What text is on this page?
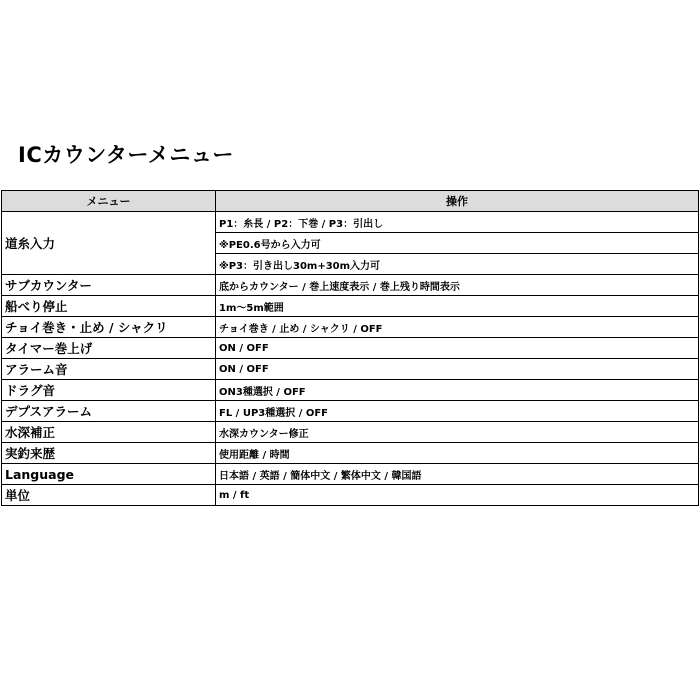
ICカウンターメニュー
メニュー	操作
道糸入力	P1：糸長 / P2：下巻 / P3：引出し
	※PE0.6号から入力可
	※P3：引き出し30m+30m入力可
サブカウンター	底からカウンター / 巻上速度表示 / 巻上残り時間表示
船べり停止	1m〜5m範囲
チョイ巻き・止め / シャクリ	チョイ巻き / 止め / シャクリ / OFF
タイマー巻上げ	ON / OFF
アラーム音	ON / OFF
ドラグ音	ON3種選択 / OFF
デプスアラーム	FL / UP3種選択 / OFF
水深補正	水深カウンター修正
実釣来歴	使用距離 / 時間
Language	日本語 / 英語 / 簡体中文 / 繁体中文 / 韓国語
単位	m / ft
